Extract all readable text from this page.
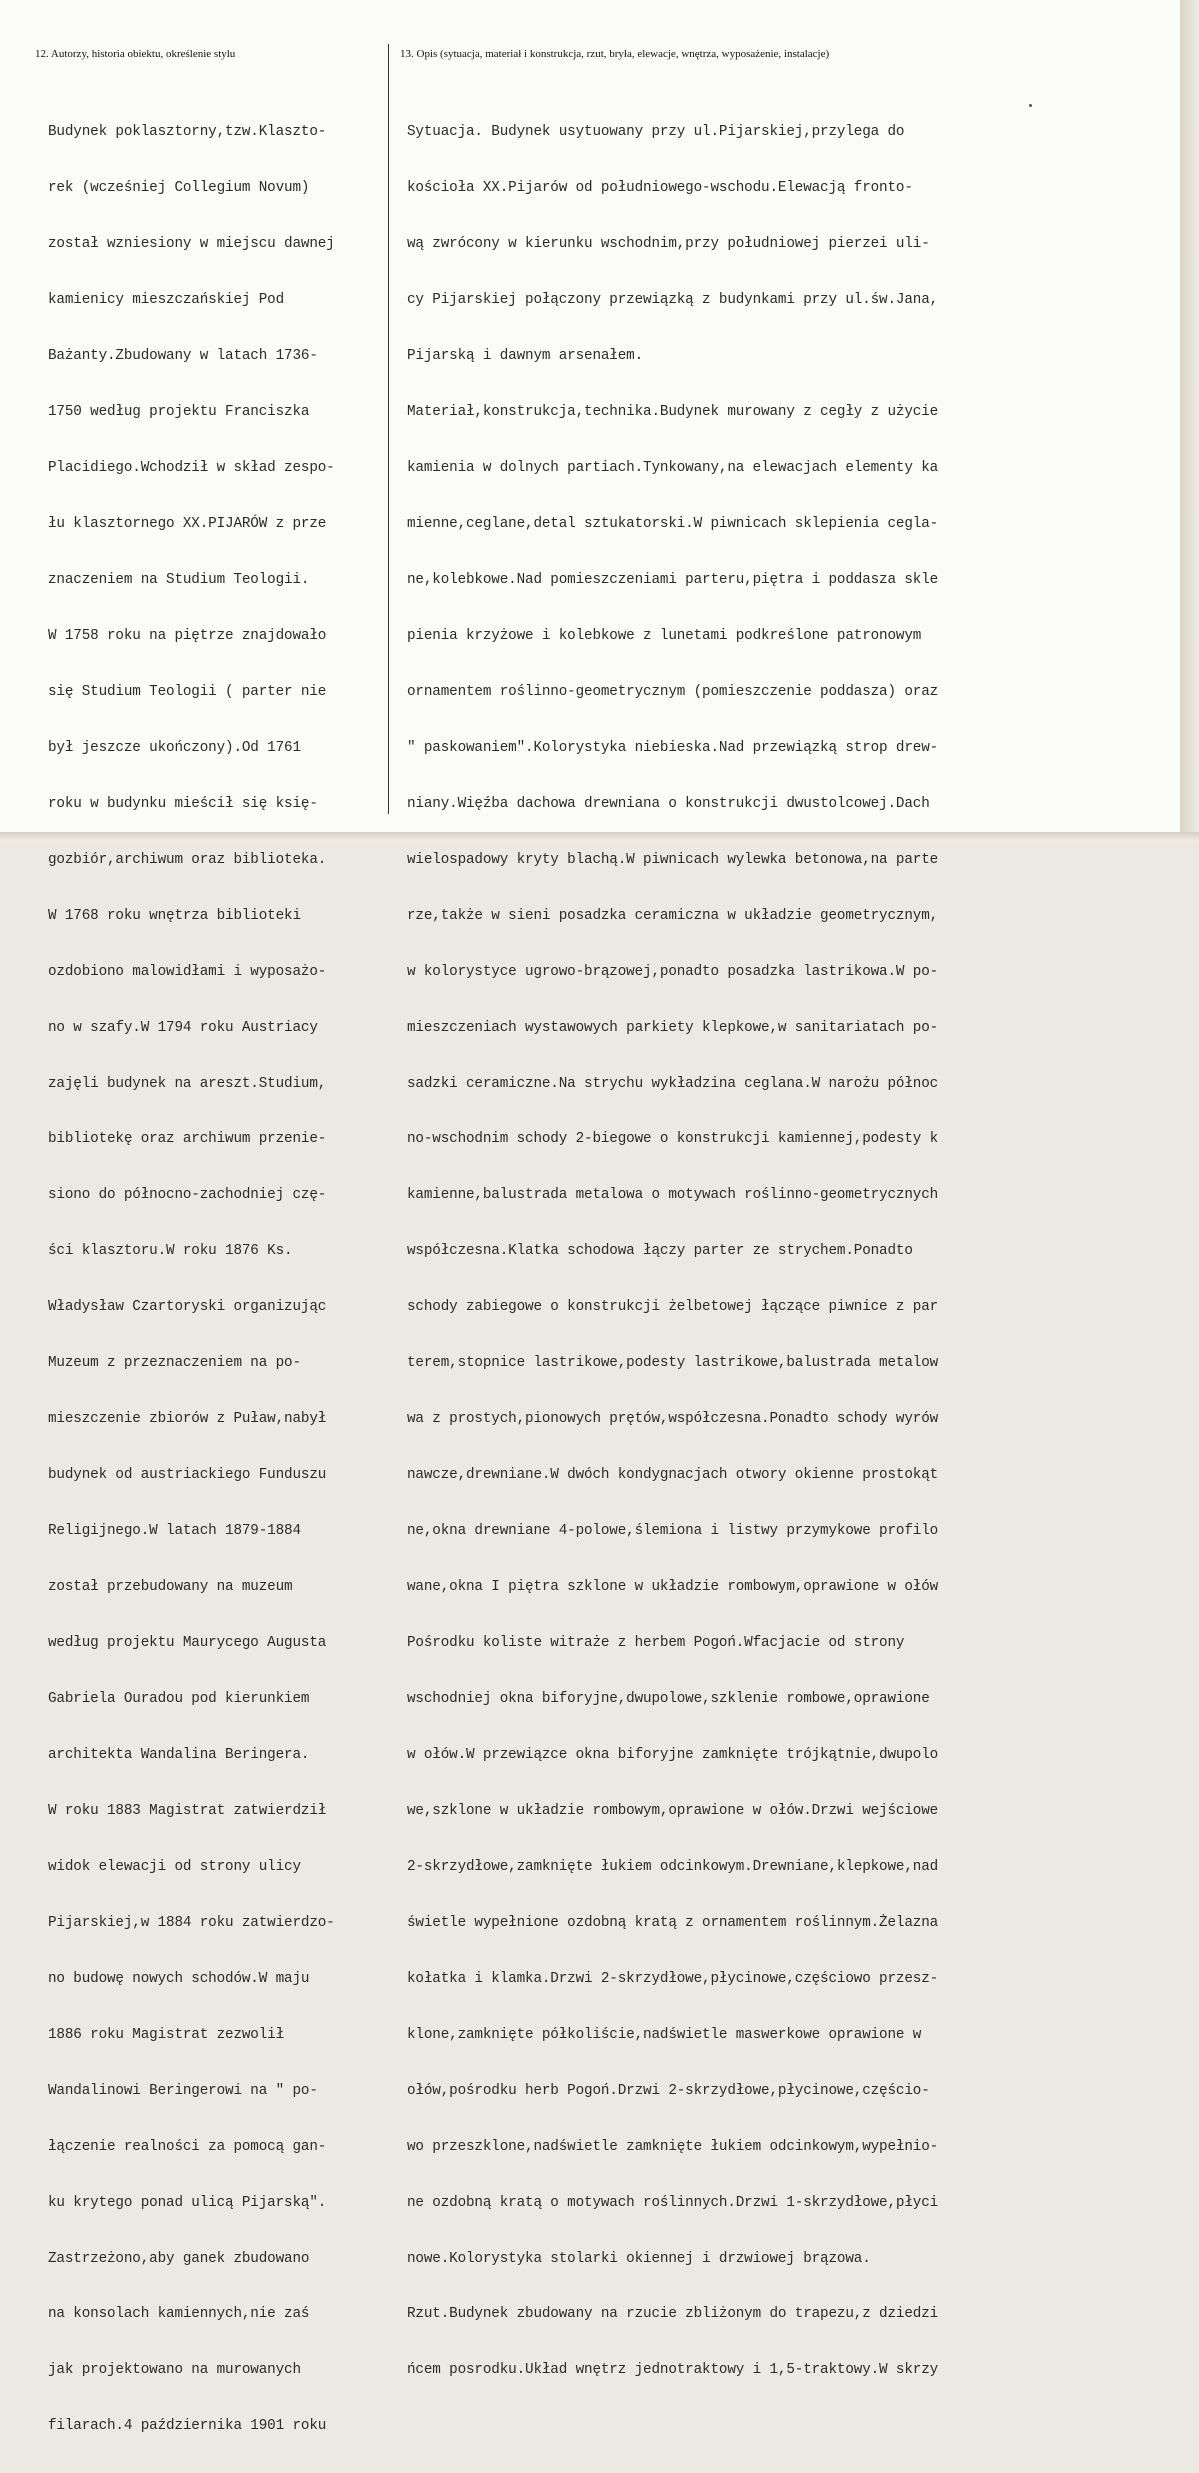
12. Autorzy, historia obiektu, określenie stylu	13. Opis (sytuacja, materiał i konstrukcja, rzut, bryła, elewacje, wnętrza, wyposażenie, instalacje)

Budynek poklasztorny,tzw.Klaszto-

rek (wcześniej Collegium Novum)

został wzniesiony w miejscu dawnej

kamienicy mieszczańskiej Pod

Bażanty.Zbudowany w latach 1736-

1750 według projektu Franciszka

Placidiego.Wchodził w skład zespo-

łu klasztornego XX.PIJARÓW z prze

znaczeniem na Studium Teologii.

W 1758 roku na piętrze znajdowało

się Studium Teologii ( parter nie

był jeszcze ukończony).Od 1761

roku w budynku mieścił się księ-

gozbiór,archiwum oraz biblioteka.

W 1768 roku wnętrza biblioteki

ozdobiono malowidłami i wyposażo-

no w szafy.W 1794 roku Austriacy

zajęli budynek na areszt.Studium,

bibliotekę oraz archiwum przenie-

siono do północno-zachodniej czę-

ści klasztoru.W roku 1876 Ks.

Władysław Czartoryski organizując

Muzeum z przeznaczeniem na po-

mieszczenie zbiorów z Puław,nabył

budynek od austriackiego Funduszu

Religijnego.W latach 1879-1884

został przebudowany na muzeum

według projektu Maurycego Augusta

Gabriela Ouradou pod kierunkiem

architekta Wandalina Beringera.

W roku 1883 Magistrat zatwierdził

widok elewacji od strony ulicy

Pijarskiej,w 1884 roku zatwierdzo-

no budowę nowych schodów.W maju

1886 roku Magistrat zezwolił

Wandalinowi Beringerowi na " po-

łączenie realności za pomocą gan-

ku krytego ponad ulicą Pijarską".

Zastrzeżono,aby ganek zbudowano

na konsolach kamiennych,nie zaś

jak projektowano na murowanych

filarach.4 października 1901 roku

Sytuacja. Budynek usytuowany przy ul.Pijarskiej,przylega do

kościoła XX.Pijarów od południowego-wschodu.Elewacją fronto-

wą zwrócony w kierunku wschodnim,przy południowej pierzei uli-

cy Pijarskiej połączony przewiązką z budynkami przy ul.św.Jana,

Pijarską i dawnym arsenałem.

Materiał,konstrukcja,technika.Budynek murowany z cegły z użycie

kamienia w dolnych partiach.Tynkowany,na elewacjach elementy ka

mienne,ceglane,detal sztukatorski.W piwnicach sklepienia cegla-

ne,kolebkowe.Nad pomieszczeniami parteru,piętra i poddasza skle

pienia krzyżowe i kolebkowe z lunetami podkreślone patronowym

ornamentem roślinno-geometrycznym (pomieszczenie poddasza) oraz

" paskowaniem".Kolorystyka niebieska.Nad przewiązką strop drew-

niany.Więźba dachowa drewniana o konstrukcji dwustolcowej.Dach

wielospadowy kryty blachą.W piwnicach wylewka betonowa,na parte

rze,także w sieni posadzka ceramiczna w układzie geometrycznym,

w kolorystyce ugrowo-brązowej,ponadto posadzka lastrikowa.W po-

mieszczeniach wystawowych parkiety klepkowe,w sanitariatach po-

sadzki ceramiczne.Na strychu wykładzina ceglana.W narożu północ

no-wschodnim schody 2-biegowe o konstrukcji kamiennej,podesty k

kamienne,balustrada metalowa o motywach roślinno-geometrycznych

współczesna.Klatka schodowa łączy parter ze strychem.Ponadto

schody zabiegowe o konstrukcji żelbetowej łączące piwnice z par

terem,stopnice lastrikowe,podesty lastrikowe,balustrada metalow

wa z prostych,pionowych prętów,współczesna.Ponadto schody wyrów

nawcze,drewniane.W dwóch kondygnacjach otwory okienne prostokąt

ne,okna drewniane 4-polowe,ślemiona i listwy przymykowe profilo

wane,okna I piętra szklone w układzie rombowym,oprawione w ołów

Pośrodku koliste witraże z herbem Pogoń.Wfacjacie od strony

wschodniej okna biforyjne,dwupolowe,szklenie rombowe,oprawione

w ołów.W przewiązce okna biforyjne zamknięte trójkątnie,dwupolo

we,szklone w układzie rombowym,oprawione w ołów.Drzwi wejściowe

2-skrzydłowe,zamknięte łukiem odcinkowym.Drewniane,klepkowe,nad

świetle wypełnione ozdobną kratą z ornamentem roślinnym.Żelazna

kołatka i klamka.Drzwi 2-skrzydłowe,płycinowe,częściowo przesz-

klone,zamknięte półkoliście,nadświetle maswerkowe oprawione w

ołów,pośrodku herb Pogoń.Drzwi 2-skrzydłowe,płycinowe,częścio-

wo przeszklone,nadświetle zamknięte łukiem odcinkowym,wypełnio-

ne ozdobną kratą o motywach roślinnych.Drzwi 1-skrzydłowe,płyci

nowe.Kolorystyka stolarki okiennej i drzwiowej brązowa.

Rzut.Budynek zbudowany na rzucie zbliżonym do trapezu,z dziedzi

ńcem posrodku.Układ wnętrz jednotraktowy i 1,5-traktowy.W skrzy
